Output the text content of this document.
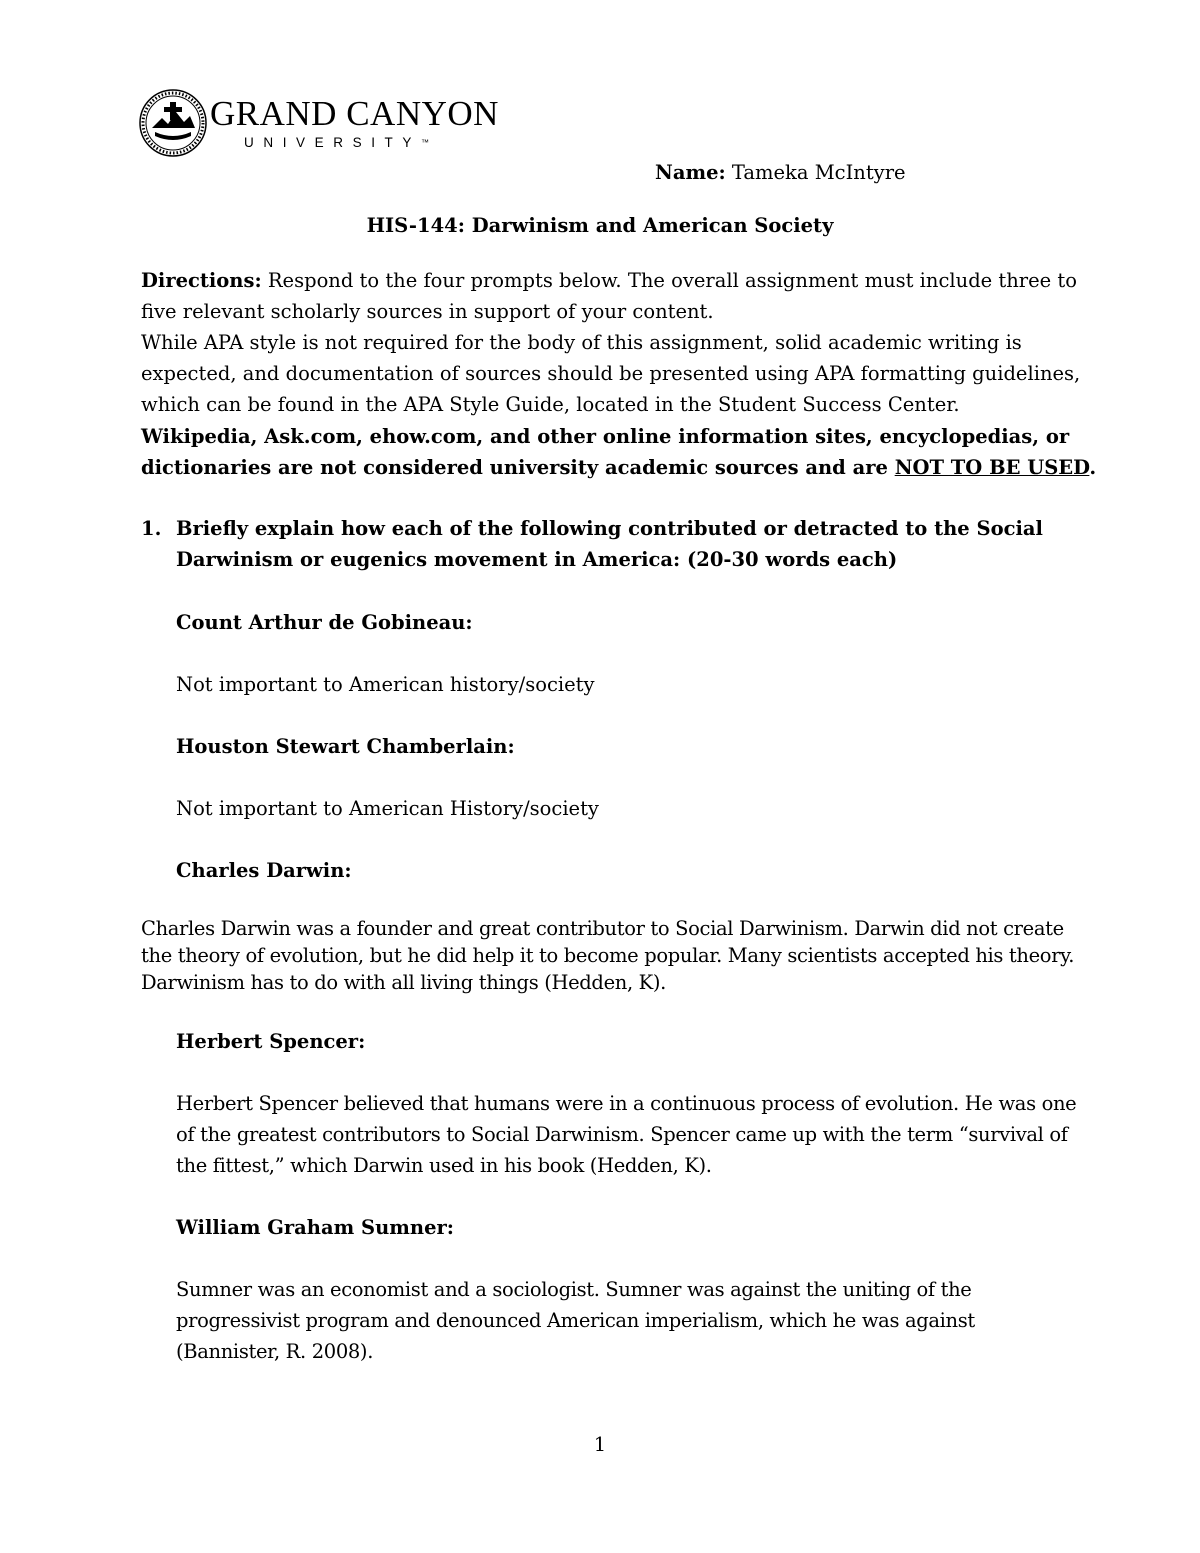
GRAND CANYON
UNIVERSITY™
Name: Tameka McIntyre
HIS-144: Darwinism and American Society
Directions: Respond to the four prompts below. The overall assignment must include three to
five relevant scholarly sources in support of your content.
While APA style is not required for the body of this assignment, solid academic writing is
expected, and documentation of sources should be presented using APA formatting guidelines,
which can be found in the APA Style Guide, located in the Student Success Center.
Wikipedia, Ask.com, ehow.com, and other online information sites, encyclopedias, or
dictionaries are not considered university academic sources and are NOT TO BE USED.
1. Briefly explain how each of the following contributed or detracted to the Social
Darwinism or eugenics movement in America: (20-30 words each)
Count Arthur de Gobineau:
Not important to American history/society
Houston Stewart Chamberlain:
Not important to American History/society
Charles Darwin:
Charles Darwin was a founder and great contributor to Social Darwinism. Darwin did not create
the theory of evolution, but he did help it to become popular. Many scientists accepted his theory.
Darwinism has to do with all living things (Hedden, K).
Herbert Spencer:
Herbert Spencer believed that humans were in a continuous process of evolution. He was one
of the greatest contributors to Social Darwinism. Spencer came up with the term “survival of
the fittest,” which Darwin used in his book (Hedden, K).
William Graham Sumner:
Sumner was an economist and a sociologist. Sumner was against the uniting of the
progressivist program and denounced American imperialism, which he was against
(Bannister, R. 2008).
1
